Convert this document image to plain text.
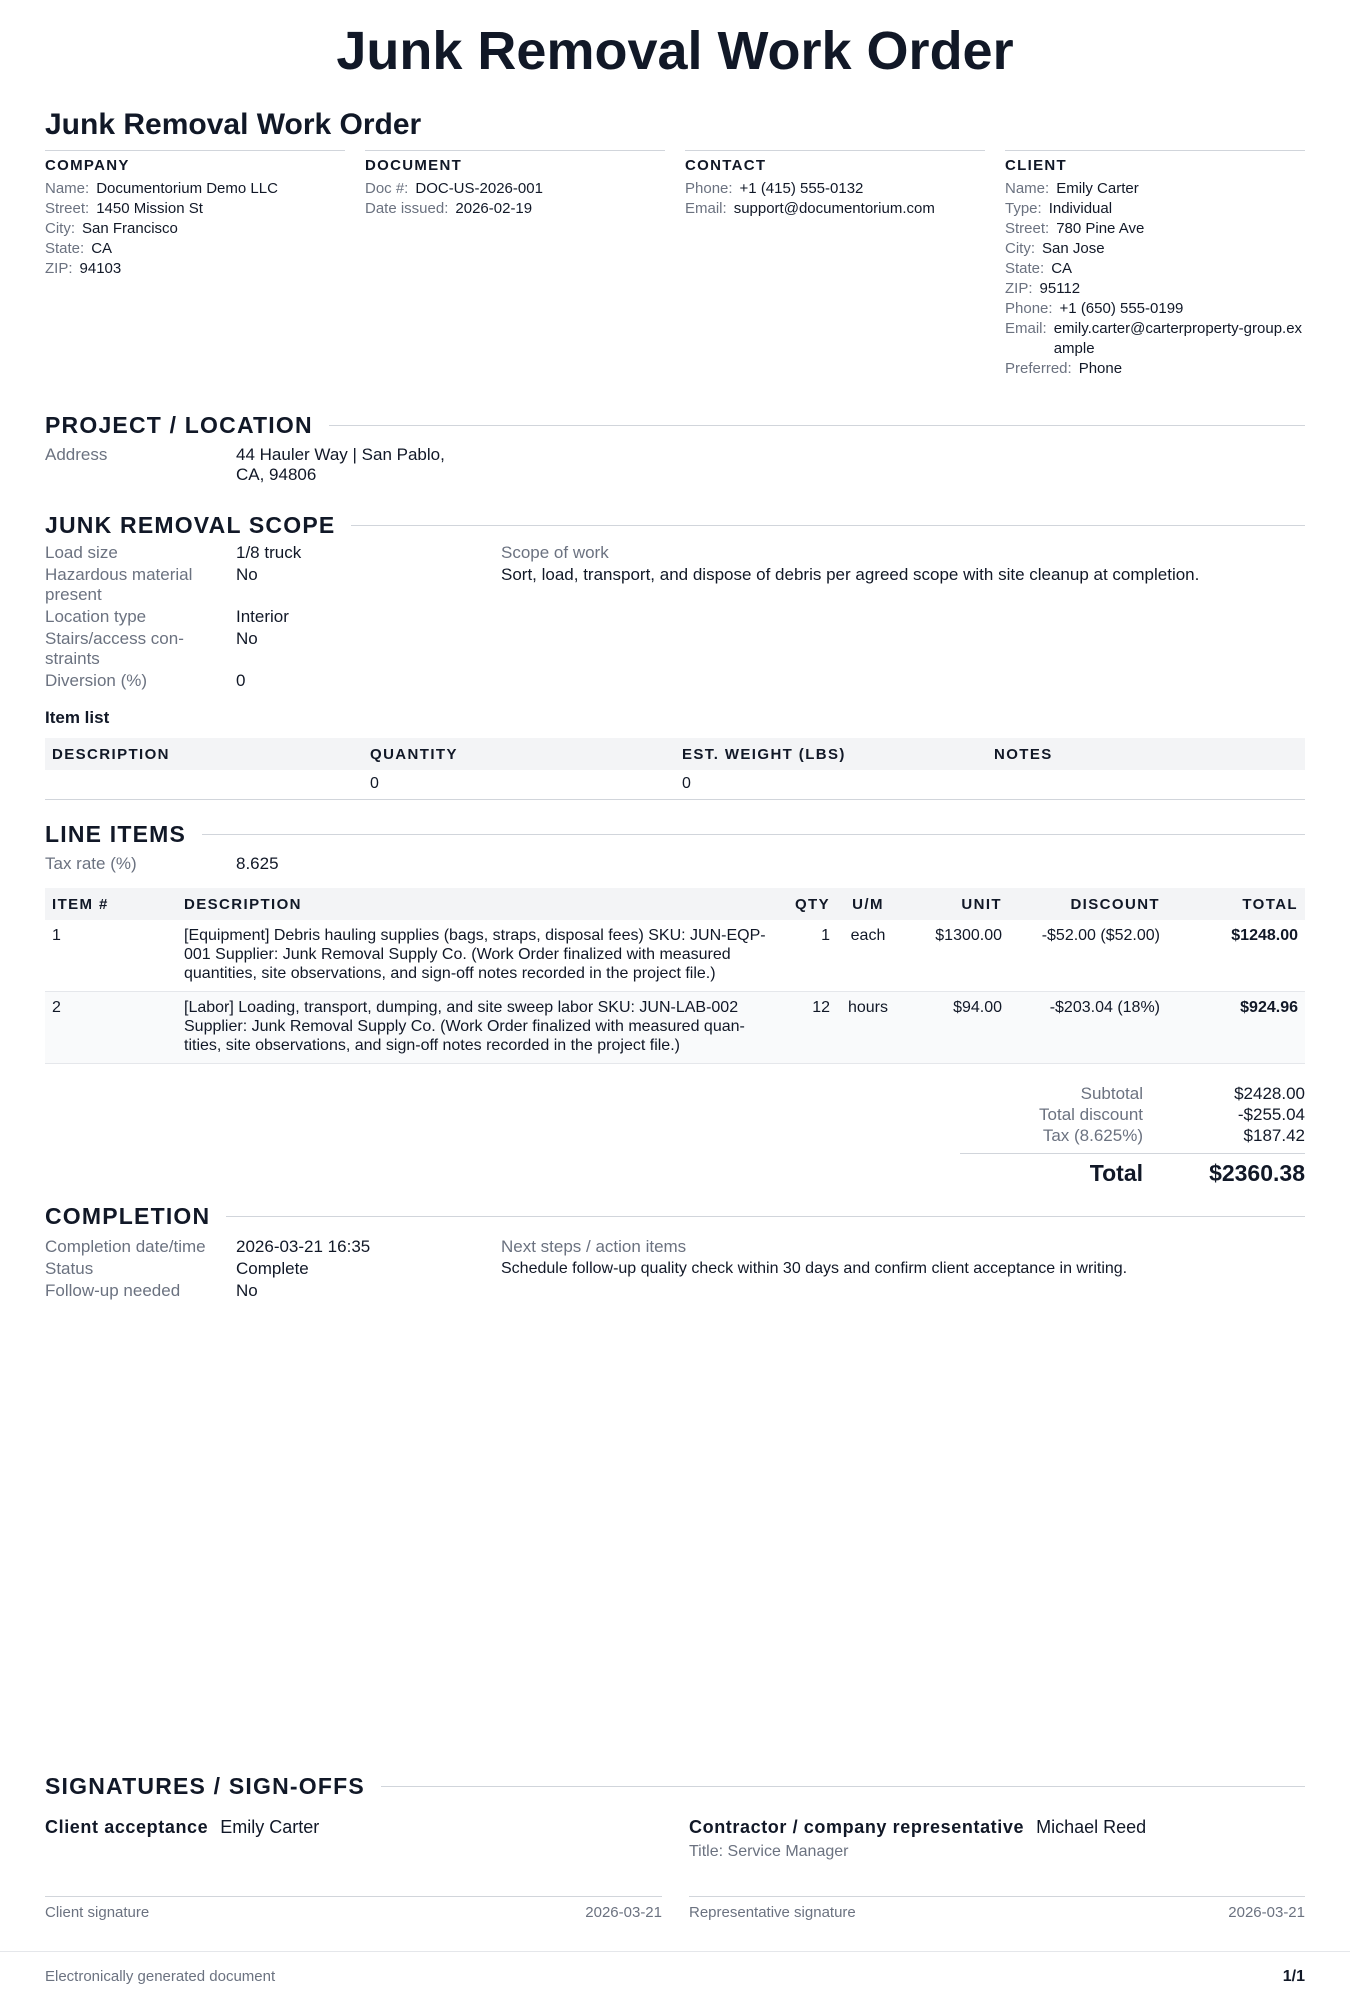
Junk Removal Work Order
Junk Removal Work Order
COMPANY
Name: Documentorium Demo LLC
Street: 1450 Mission St
City: San Francisco
State: CA
ZIP: 94103
DOCUMENT
Doc #: DOC-US-2026-001
Date issued: 2026-02-19
CONTACT
Phone: +1 (415) 555-0132
Email: support@documentorium.com
CLIENT
Name: Emily Carter
Type: Individual
Street: 780 Pine Ave
City: San Jose
State: CA
ZIP: 95112
Phone: +1 (650) 555-0199
Email: emily.carter@carterproperty-group.example
Preferred: Phone
PROJECT / LOCATION
Address	44 Hauler Way | San Pablo,
CA, 94806
JUNK REMOVAL SCOPE
Load size	1/8 truck
Hazardous material present
No
Location type	Interior
Stairs/access con-straints
No
Diversion (%)	0
Scope of work
Sort, load, transport, and dispose of debris per agreed scope with site cleanup at completion.
Item list
DESCRIPTION	QUANTITY	EST. WEIGHT (LBS)	NOTES
	0	0	
LINE ITEMS
Tax rate (%)	8.625
ITEM #	DESCRIPTION	QTY	U/M	UNIT	DISCOUNT	TOTAL
1	[Equipment] Debris hauling supplies (bags, straps, disposal fees) SKU: JUN-EQP-001 Supplier: Junk Removal Supply Co. (Work Order finalized with measured quantities, site observations, and sign-off notes recorded in the project file.)	1	each	$1300.00	-$52.00 ($52.00)	$1248.00
2	[Labor] Loading, transport, dumping, and site sweep labor SKU: JUN-LAB-002 Supplier: Junk Removal Supply Co. (Work Order finalized with measured quan-tities, site observations, and sign-off notes recorded in the project file.)	12	hours	$94.00	-$203.04 (18%)	$924.96
Subtotal	$2428.00
Total discount	-$255.04
Tax (8.625%)	$187.42
Total	$2360.38
COMPLETION
Completion date/time	2026-03-21 16:35
Status	Complete
Follow-up needed	No
Next steps / action items
Schedule follow-up quality check within 30 days and confirm client acceptance in writing.
SIGNATURES / SIGN-OFFS
Client acceptance Emily Carter	Contractor / company representative Michael Reed
Title: Service Manager
Client signature	2026-03-21 Representative signature	2026-03-21
Electronically generated document	1/1
